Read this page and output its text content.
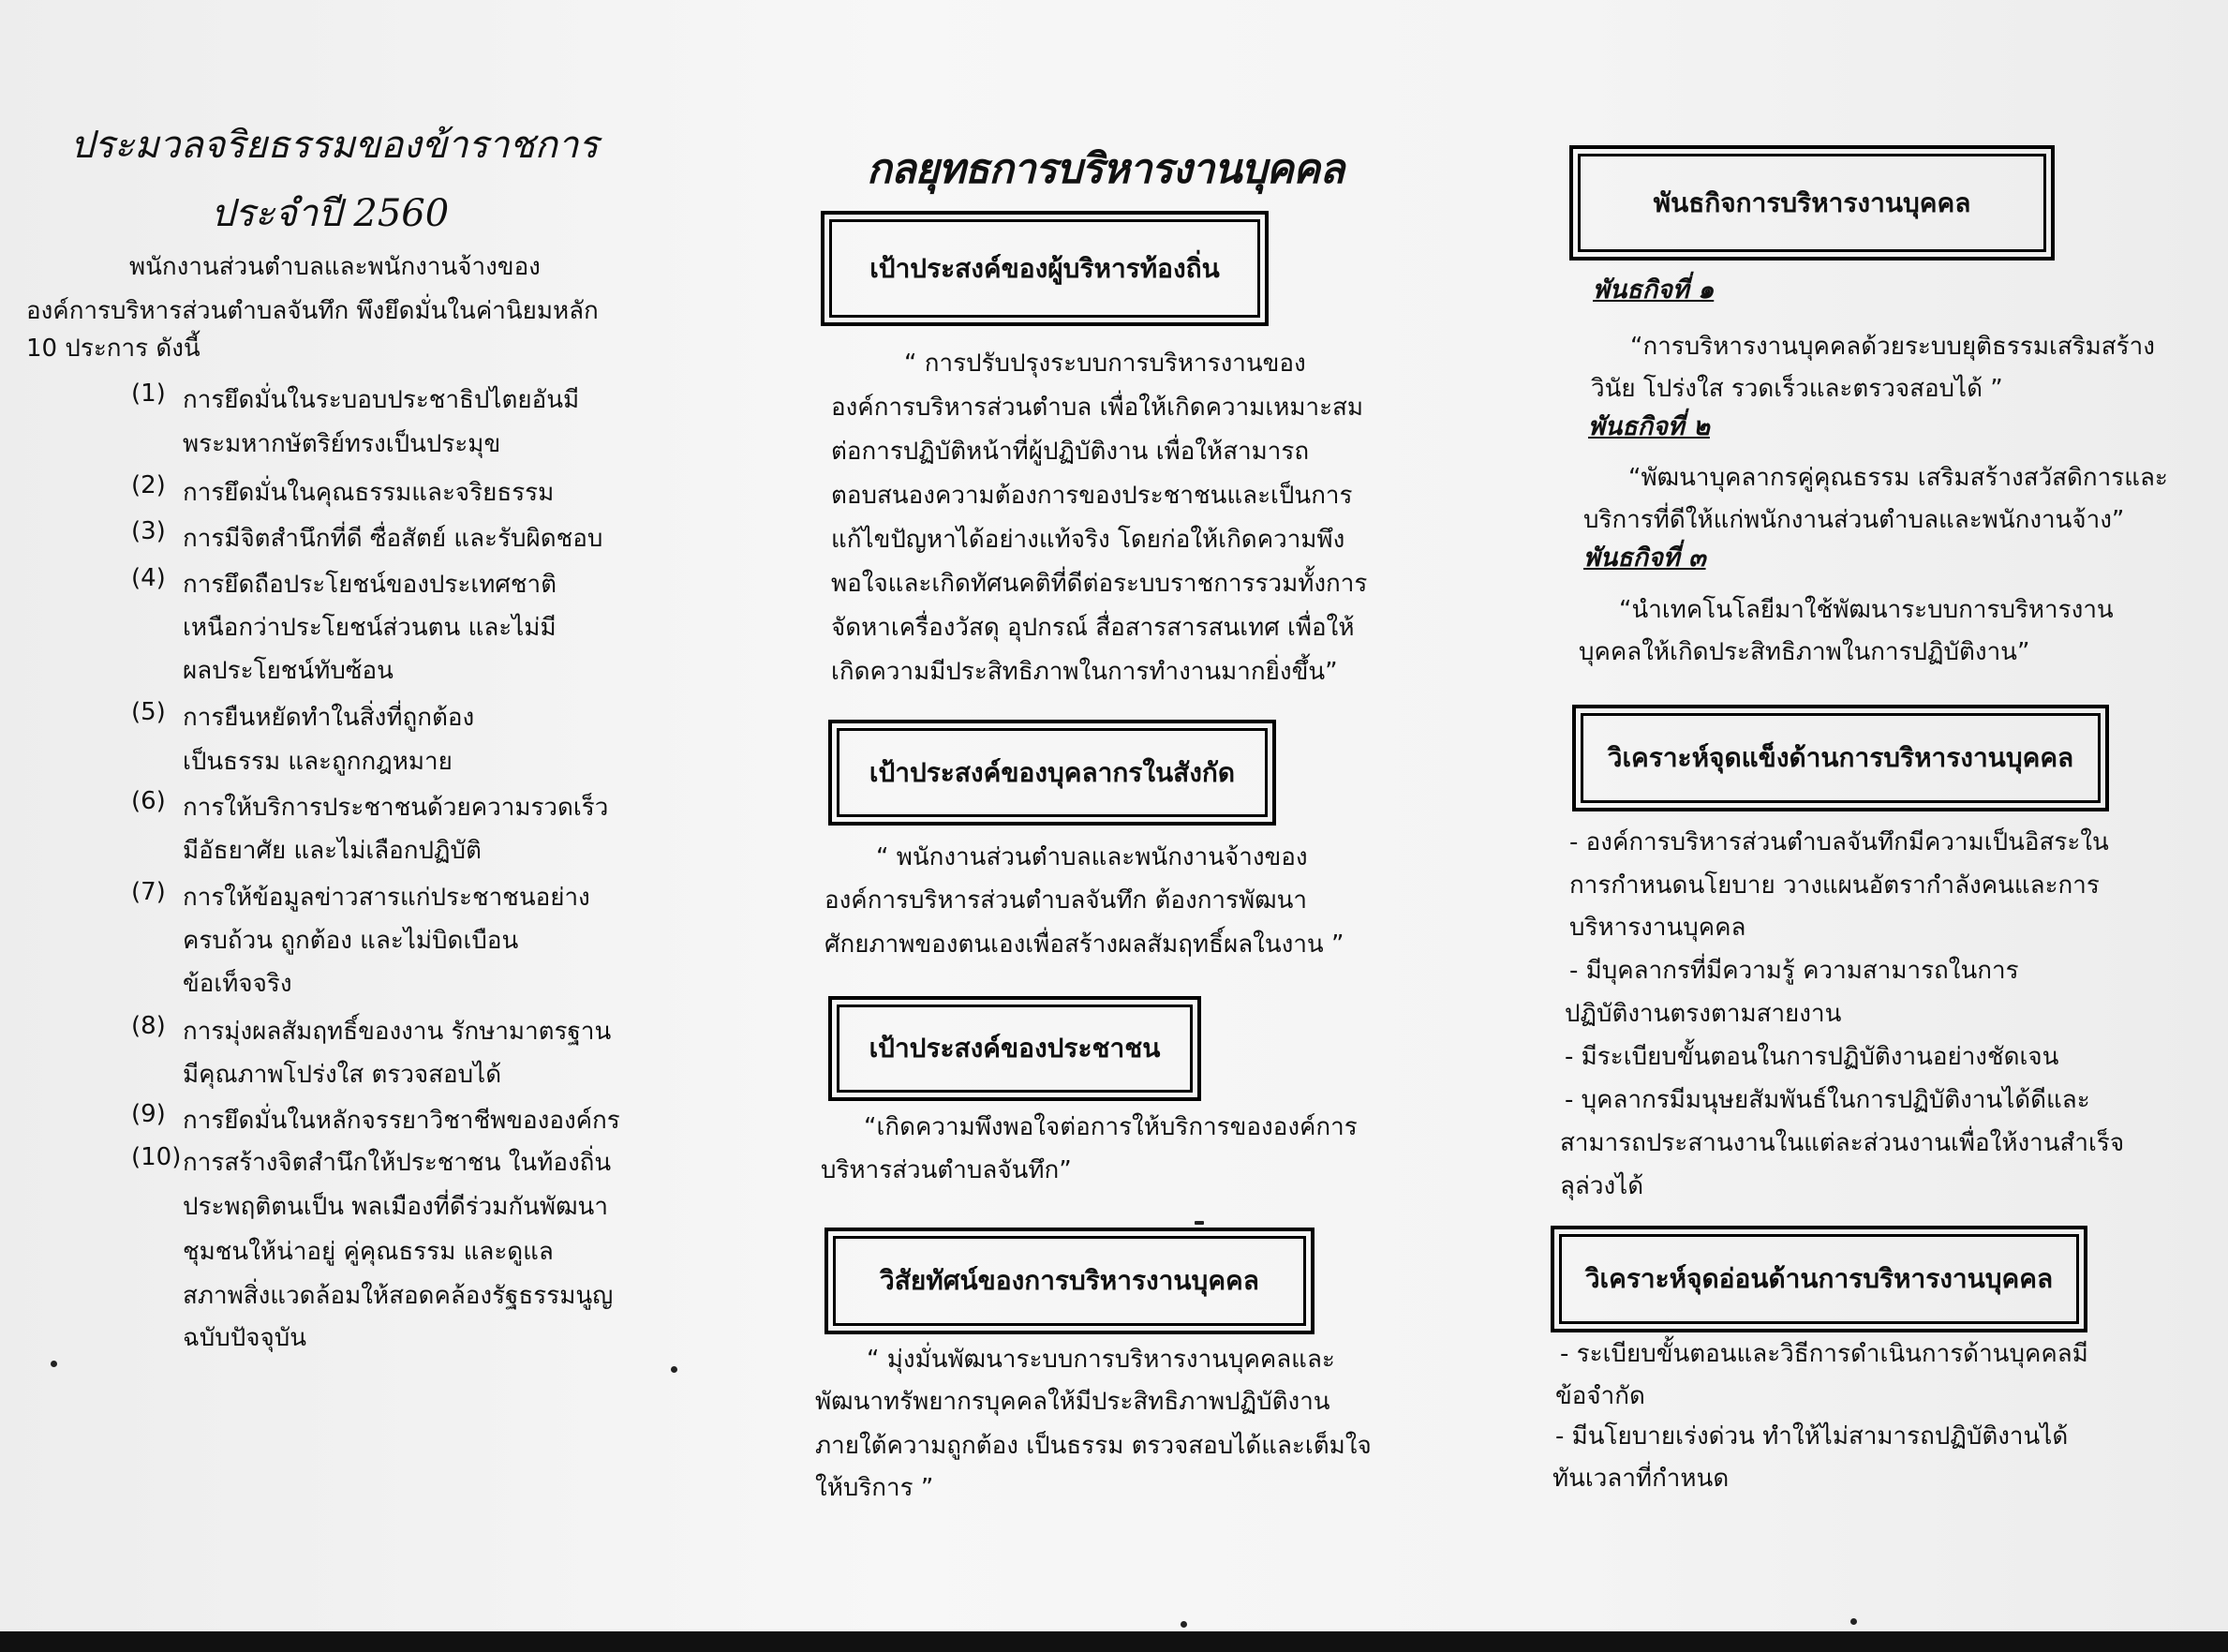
ประมวลจริยธรรมของข้าราชการ
ประจำปี 2560
พนักงานส่วนตำบลและพนักงานจ้างของ
องค์การบริหารส่วนตำบลจันทึก พึงยึดมั่นในค่านิยมหลัก
10 ประการ ดังนี้
(1) การยึดมั่นในระบอบประชาธิปไตยอันมี
พระมหากษัตริย์ทรงเป็นประมุข
(2) การยึดมั่นในคุณธรรมและจริยธรรม
(3) การมีจิตสำนึกที่ดี ซื่อสัตย์ และรับผิดชอบ
(4) การยึดถือประโยชน์ของประเทศชาติ
เหนือกว่าประโยชน์ส่วนตน และไม่มี
ผลประโยชน์ทับซ้อน
(5) การยืนหยัดทำในสิ่งที่ถูกต้อง
เป็นธรรม และถูกกฎหมาย
(6) การให้บริการประชาชนด้วยความรวดเร็ว
มีอัธยาศัย และไม่เลือกปฏิบัติ
(7) การให้ข้อมูลข่าวสารแก่ประชาชนอย่าง
ครบถ้วน ถูกต้อง และไม่บิดเบือน
ข้อเท็จจริง
(8) การมุ่งผลสัมฤทธิ์ของงาน รักษามาตรฐาน
มีคุณภาพโปร่งใส ตรวจสอบได้
(9) การยึดมั่นในหลักจรรยาวิชาชีพขององค์กร
(10) การสร้างจิตสำนึกให้ประชาชน ในท้องถิ่น
ประพฤติตนเป็น พลเมืองที่ดีร่วมกันพัฒนา
ชุมชนให้น่าอยู่ คู่คุณธรรม และดูแล
สภาพสิ่งแวดล้อมให้สอดคล้องรัฐธรรมนูญ
ฉบับปัจจุบัน
กลยุทธการบริหารงานบุคคล
เป้าประสงค์ของผู้บริหารท้องถิ่น
“ การปรับปรุงระบบการบริหารงานของ
องค์การบริหารส่วนตำบล เพื่อให้เกิดความเหมาะสม
ต่อการปฏิบัติหน้าที่ผู้ปฏิบัติงาน เพื่อให้สามารถ
ตอบสนองความต้องการของประชาชนและเป็นการ
แก้ไขปัญหาได้อย่างแท้จริง โดยก่อให้เกิดความพึง
พอใจและเกิดทัศนคติที่ดีต่อระบบราชการรวมทั้งการ
จัดหาเครื่องวัสดุ อุปกรณ์ สื่อสารสารสนเทศ เพื่อให้
เกิดความมีประสิทธิภาพในการทำงานมากยิ่งขึ้น”
เป้าประสงค์ของบุคลากรในสังกัด
“ พนักงานส่วนตำบลและพนักงานจ้างของ
องค์การบริหารส่วนตำบลจันทึก ต้องการพัฒนา
ศักยภาพของตนเองเพื่อสร้างผลสัมฤทธิ์ผลในงาน ”
เป้าประสงค์ของประชาชน
“เกิดความพึงพอใจต่อการให้บริการขององค์การ
บริหารส่วนตำบลจันทึก”
วิสัยทัศน์ของการบริหารงานบุคคล
“ มุ่งมั่นพัฒนาระบบการบริหารงานบุคคลและ
พัฒนาทรัพยากรบุคคลให้มีประสิทธิภาพปฏิบัติงาน
ภายใต้ความถูกต้อง เป็นธรรม ตรวจสอบได้และเต็มใจ
ให้บริการ ”
พันธกิจการบริหารงานบุคคล
พันธกิจที่ ๑
“การบริหารงานบุคคลด้วยระบบยุติธรรมเสริมสร้าง
วินัย โปร่งใส รวดเร็วและตรวจสอบได้ ”
พันธกิจที่ ๒
“พัฒนาบุคลากรคู่คุณธรรม เสริมสร้างสวัสดิการและ
บริการที่ดีให้แก่พนักงานส่วนตำบลและพนักงานจ้าง”
พันธกิจที่ ๓
“นำเทคโนโลยีมาใช้พัฒนาระบบการบริหารงาน
บุคคลให้เกิดประสิทธิภาพในการปฏิบัติงาน”
วิเคราะห์จุดแข็งด้านการบริหารงานบุคคล
- องค์การบริหารส่วนตำบลจันทึกมีความเป็นอิสระใน
การกำหนดนโยบาย วางแผนอัตรากำลังคนและการ
บริหารงานบุคคล
- มีบุคลากรที่มีความรู้ ความสามารถในการ
ปฏิบัติงานตรงตามสายงาน
- มีระเบียบขั้นตอนในการปฏิบัติงานอย่างชัดเจน
- บุคลากรมีมนุษยสัมพันธ์ในการปฏิบัติงานได้ดีและ
สามารถประสานงานในแต่ละส่วนงานเพื่อให้งานสำเร็จ
ลุล่วงได้
วิเคราะห์จุดอ่อนด้านการบริหารงานบุคคล
- ระเบียบขั้นตอนและวิธีการดำเนินการด้านบุคคลมี
ข้อจำกัด
- มีนโยบายเร่งด่วน ทำให้ไม่สามารถปฏิบัติงานได้
ทันเวลาที่กำหนด
